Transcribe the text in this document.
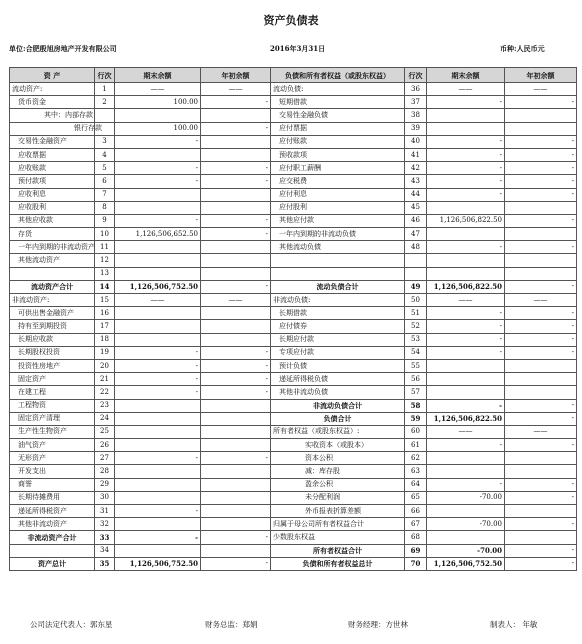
资产负债表
单位:合肥殷旭房地产开发有限公司	2016年3月31日	币种:人民币元
资 产	行次	期末余额	年初余额	负债和所有者权益（或股东权益）	行次	期末余额	年初余额
流动资产:	1	——	——	流动负债:	36	——	——
货币资金	2	100.00	-	短期借款	37	-	-
其中：内部存款				交易性金融负债	38		
银行存款		100.00	-	应付票据	39		
交易性金融资产	3	-		应付账款	40	-	-
应收票据	4			预收款项	41	-	-
应收账款	5	-	-	应付职工薪酬	42	-	-
预付款项	6	-	-	应交税费	43	-	-
应收利息	7			应付利息	44	-	-
应收股利	8			应付股利	45		
其他应收款	9	-	-	其他应付款	46	1,126,506,822.50	-
存货	10	1,126,506,652.50	-	一年内到期的非流动负债	47		
一年内到期的非流动资产	11			其他流动负债	48	-	-
其他流动资产	12						
	13						
流动资产合计	14	1,126,506,752.50	-	流动负债合计	49	1,126,506,822.50	-
非流动资产:	15	——	——	非流动负债:	50	——	——
可供出售金融资产	16			长期借款	51	-	-
持有至到期投资	17			应付债券	52	-	-
长期应收款	18			长期应付款	53	-	-
长期股权投资	19	-	-	专项应付款	54	-	-
投资性房地产	20	-	-	预计负债	55		
固定资产	21	-	-	递延所得税负债	56		
在建工程	22	-	-	其他非流动负债	57		
工程物资	23			非流动负债合计	58	-	-
固定资产清理	24			负债合计	59	1,126,506,822.50	-
生产性生物资产	25			所有者权益（或股东权益）:	60	——	——
油气资产	26			实收资本（或股本）	61	-	-
无形资产	27	-	-	资本公积	62		
开发支出	28			减：库存股	63		
商誉	29			盈余公积	64	-	-
长期待摊费用	30			未分配利润	65	-70.00	-
递延所得税资产	31	-		外币报表折算差额	66		
其他非流动资产	32			归属于母公司所有者权益合计	67	-70.00	-
非流动资产合计	33	-	-	少数股东权益	68		
	34			所有者权益合计	69	-70.00	-
资产总计	35	1,126,506,752.50	-	负债和所有者权益总计	70	1,126,506,752.50	-
公司法定代表人：郭东星	财务总监：郑娟	财务经理：方世林	制表人： 年敏
